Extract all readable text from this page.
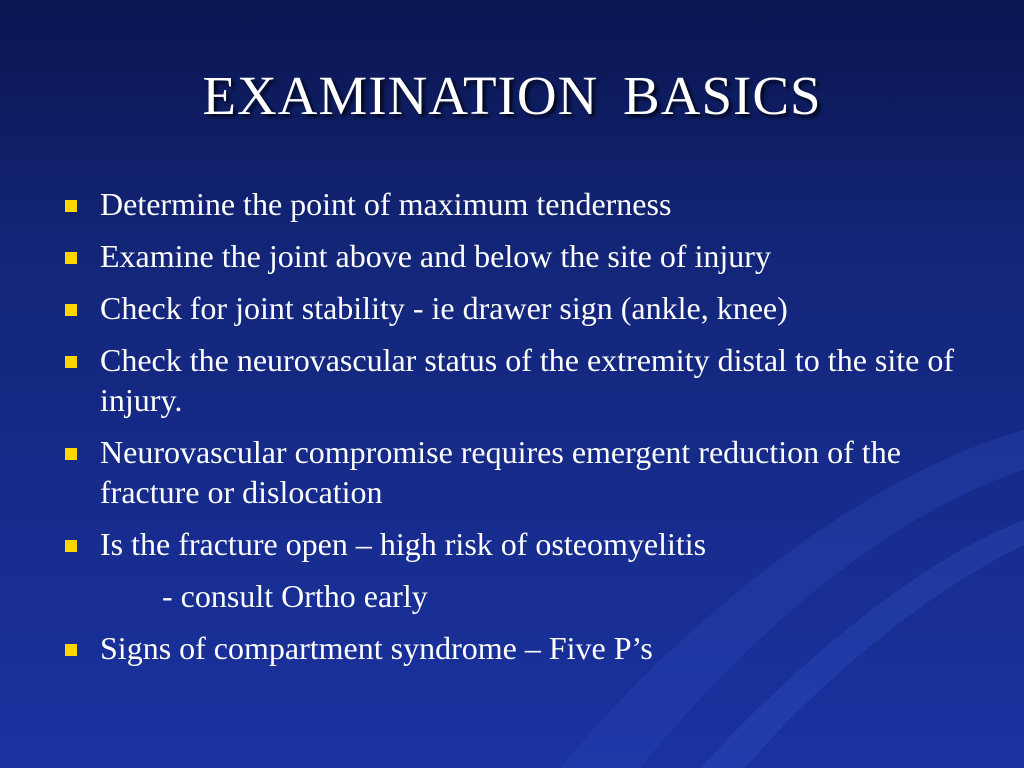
EXAMINATION BASICS
Determine the point of maximum tenderness
Examine the joint above and below the site of injury
Check for joint stability - ie drawer sign (ankle, knee)
Check the neurovascular status of the extremity distal to the site of injury.
Neurovascular compromise requires emergent reduction of the fracture or dislocation
Is the fracture open – high risk of osteomyelitis
- consult Ortho early
Signs of compartment syndrome – Five P’s
